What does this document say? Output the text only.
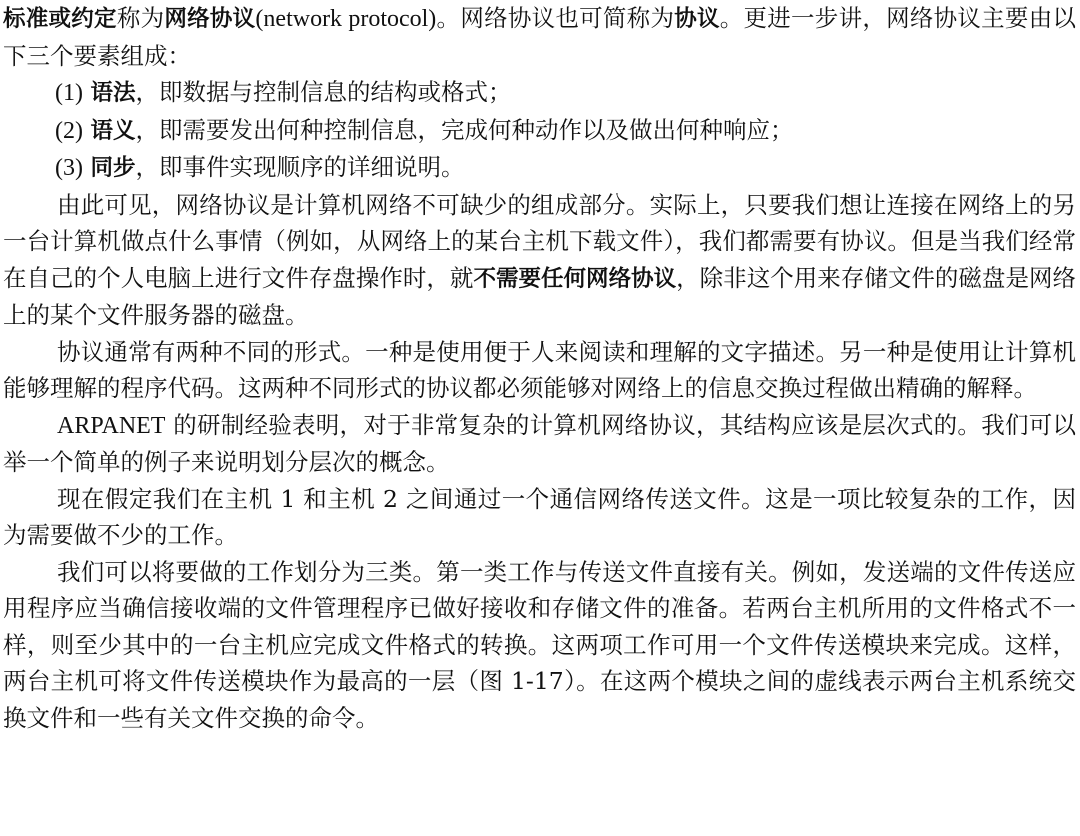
标准或约定称为网络协议(network protocol)。网络协议也可简称为协议。更进一步讲，网络协议主要由以下三个要素组成：

(1) 语法，即数据与控制信息的结构或格式；

(2) 语义，即需要发出何种控制信息，完成何种动作以及做出何种响应；

(3) 同步，即事件实现顺序的详细说明。

由此可见，网络协议是计算机网络不可缺少的组成部分。实际上，只要我们想让连接在网络上的另一台计算机做点什么事情（例如，从网络上的某台主机下载文件），我们都需要有协议。但是当我们经常在自己的个人电脑上进行文件存盘操作时，就不需要任何网络协议，除非这个用来存储文件的磁盘是网络上的某个文件服务器的磁盘。

协议通常有两种不同的形式。一种是使用便于人来阅读和理解的文字描述。另一种是使用让计算机能够理解的程序代码。这两种不同形式的协议都必须能够对网络上的信息交换过程做出精确的解释。

ARPANET 的研制经验表明，对于非常复杂的计算机网络协议，其结构应该是层次式的。我们可以举一个简单的例子来说明划分层次的概念。

现在假定我们在主机 1 和主机 2 之间通过一个通信网络传送文件。这是一项比较复杂的工作，因为需要做不少的工作。

我们可以将要做的工作划分为三类。第一类工作与传送文件直接有关。例如，发送端的文件传送应用程序应当确信接收端的文件管理程序已做好接收和存储文件的准备。若两台主机所用的文件格式不一样，则至少其中的一台主机应完成文件格式的转换。这两项工作可用一个文件传送模块来完成。这样，两台主机可将文件传送模块作为最高的一层（图 1-17）。在这两个模块之间的虚线表示两台主机系统交换文件和一些有关文件交换的命令。
